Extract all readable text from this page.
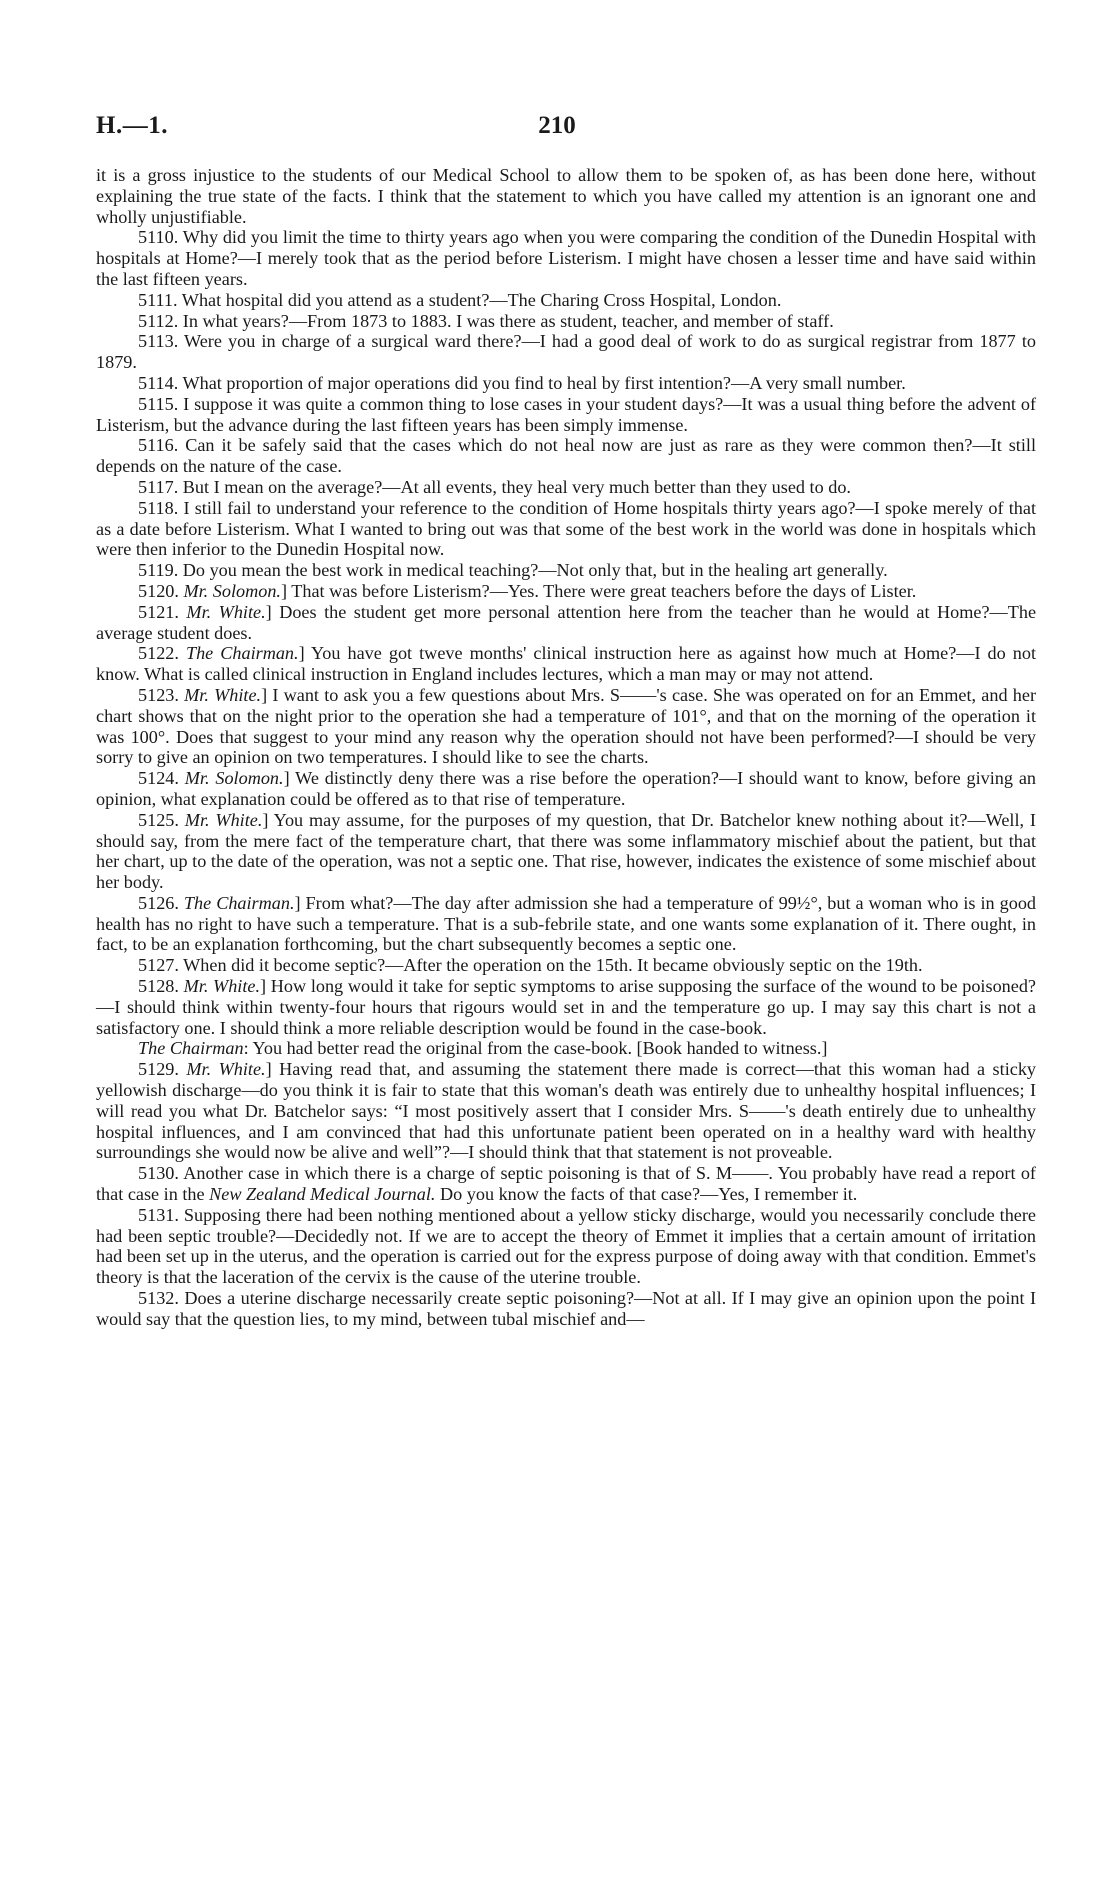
H.—1.	210

it is a gross injustice to the students of our Medical School to allow them to be spoken of, as has been done here, without explaining the true state of the facts. I think that the statement to which you have called my attention is an ignorant one and wholly unjustifiable.

5110. Why did you limit the time to thirty years ago when you were comparing the condition of the Dunedin Hospital with hospitals at Home?—I merely took that as the period before Listerism. I might have chosen a lesser time and have said within the last fifteen years.

5111. What hospital did you attend as a student?—The Charing Cross Hospital, London.

5112. In what years?—From 1873 to 1883. I was there as student, teacher, and member of staff.

5113. Were you in charge of a surgical ward there?—I had a good deal of work to do as surgical registrar from 1877 to 1879.

5114. What proportion of major operations did you find to heal by first intention?—A very small number.

5115. I suppose it was quite a common thing to lose cases in your student days?—It was a usual thing before the advent of Listerism, but the advance during the last fifteen years has been simply immense.

5116. Can it be safely said that the cases which do not heal now are just as rare as they were common then?—It still depends on the nature of the case.

5117. But I mean on the average?—At all events, they heal very much better than they used to do.

5118. I still fail to understand your reference to the condition of Home hospitals thirty years ago?—I spoke merely of that as a date before Listerism. What I wanted to bring out was that some of the best work in the world was done in hospitals which were then inferior to the Dunedin Hospital now.

5119. Do you mean the best work in medical teaching?—Not only that, but in the healing art generally.

5120. Mr. Solomon.] That was before Listerism?—Yes. There were great teachers before the days of Lister.

5121. Mr. White.] Does the student get more personal attention here from the teacher than he would at Home?—The average student does.

5122. The Chairman.] You have got tweve months' clinical instruction here as against how much at Home?—I do not know. What is called clinical instruction in England includes lectures, which a man may or may not attend.

5123. Mr. White.] I want to ask you a few questions about Mrs. S——'s case. She was operated on for an Emmet, and her chart shows that on the night prior to the operation she had a temperature of 101°, and that on the morning of the operation it was 100°. Does that suggest to your mind any reason why the operation should not have been performed?—I should be very sorry to give an opinion on two temperatures. I should like to see the charts.

5124. Mr. Solomon.] We distinctly deny there was a rise before the operation?—I should want to know, before giving an opinion, what explanation could be offered as to that rise of temperature.

5125. Mr. White.] You may assume, for the purposes of my question, that Dr. Batchelor knew nothing about it?—Well, I should say, from the mere fact of the temperature chart, that there was some inflammatory mischief about the patient, but that her chart, up to the date of the operation, was not a septic one. That rise, however, indicates the existence of some mischief about her body.

5126. The Chairman.] From what?—The day after admission she had a temperature of 99½°, but a woman who is in good health has no right to have such a temperature. That is a sub-febrile state, and one wants some explanation of it. There ought, in fact, to be an explanation forthcoming, but the chart subsequently becomes a septic one.

5127. When did it become septic?—After the operation on the 15th. It became obviously septic on the 19th.

5128. Mr. White.] How long would it take for septic symptoms to arise supposing the surface of the wound to be poisoned?—I should think within twenty-four hours that rigours would set in and the temperature go up. I may say this chart is not a satisfactory one. I should think a more reliable description would be found in the case-book.

The Chairman: You had better read the original from the case-book. [Book handed to witness.]

5129. Mr. White.] Having read that, and assuming the statement there made is correct—that this woman had a sticky yellowish discharge—do you think it is fair to state that this woman's death was entirely due to unhealthy hospital influences; I will read you what Dr. Batchelor says: “I most positively assert that I consider Mrs. S——'s death entirely due to unhealthy hospital influences, and I am convinced that had this unfortunate patient been operated on in a healthy ward with healthy surroundings she would now be alive and well”?—I should think that that statement is not proveable.

5130. Another case in which there is a charge of septic poisoning is that of S. M——. You probably have read a report of that case in the New Zealand Medical Journal. Do you know the facts of that case?—Yes, I remember it.

5131. Supposing there had been nothing mentioned about a yellow sticky discharge, would you necessarily conclude there had been septic trouble?—Decidedly not. If we are to accept the theory of Emmet it implies that a certain amount of irritation had been set up in the uterus, and the operation is carried out for the express purpose of doing away with that condition. Emmet's theory is that the laceration of the cervix is the cause of the uterine trouble.

5132. Does a uterine discharge necessarily create septic poisoning?—Not at all. If I may give an opinion upon the point I would say that the question lies, to my mind, between tubal mischief and—
